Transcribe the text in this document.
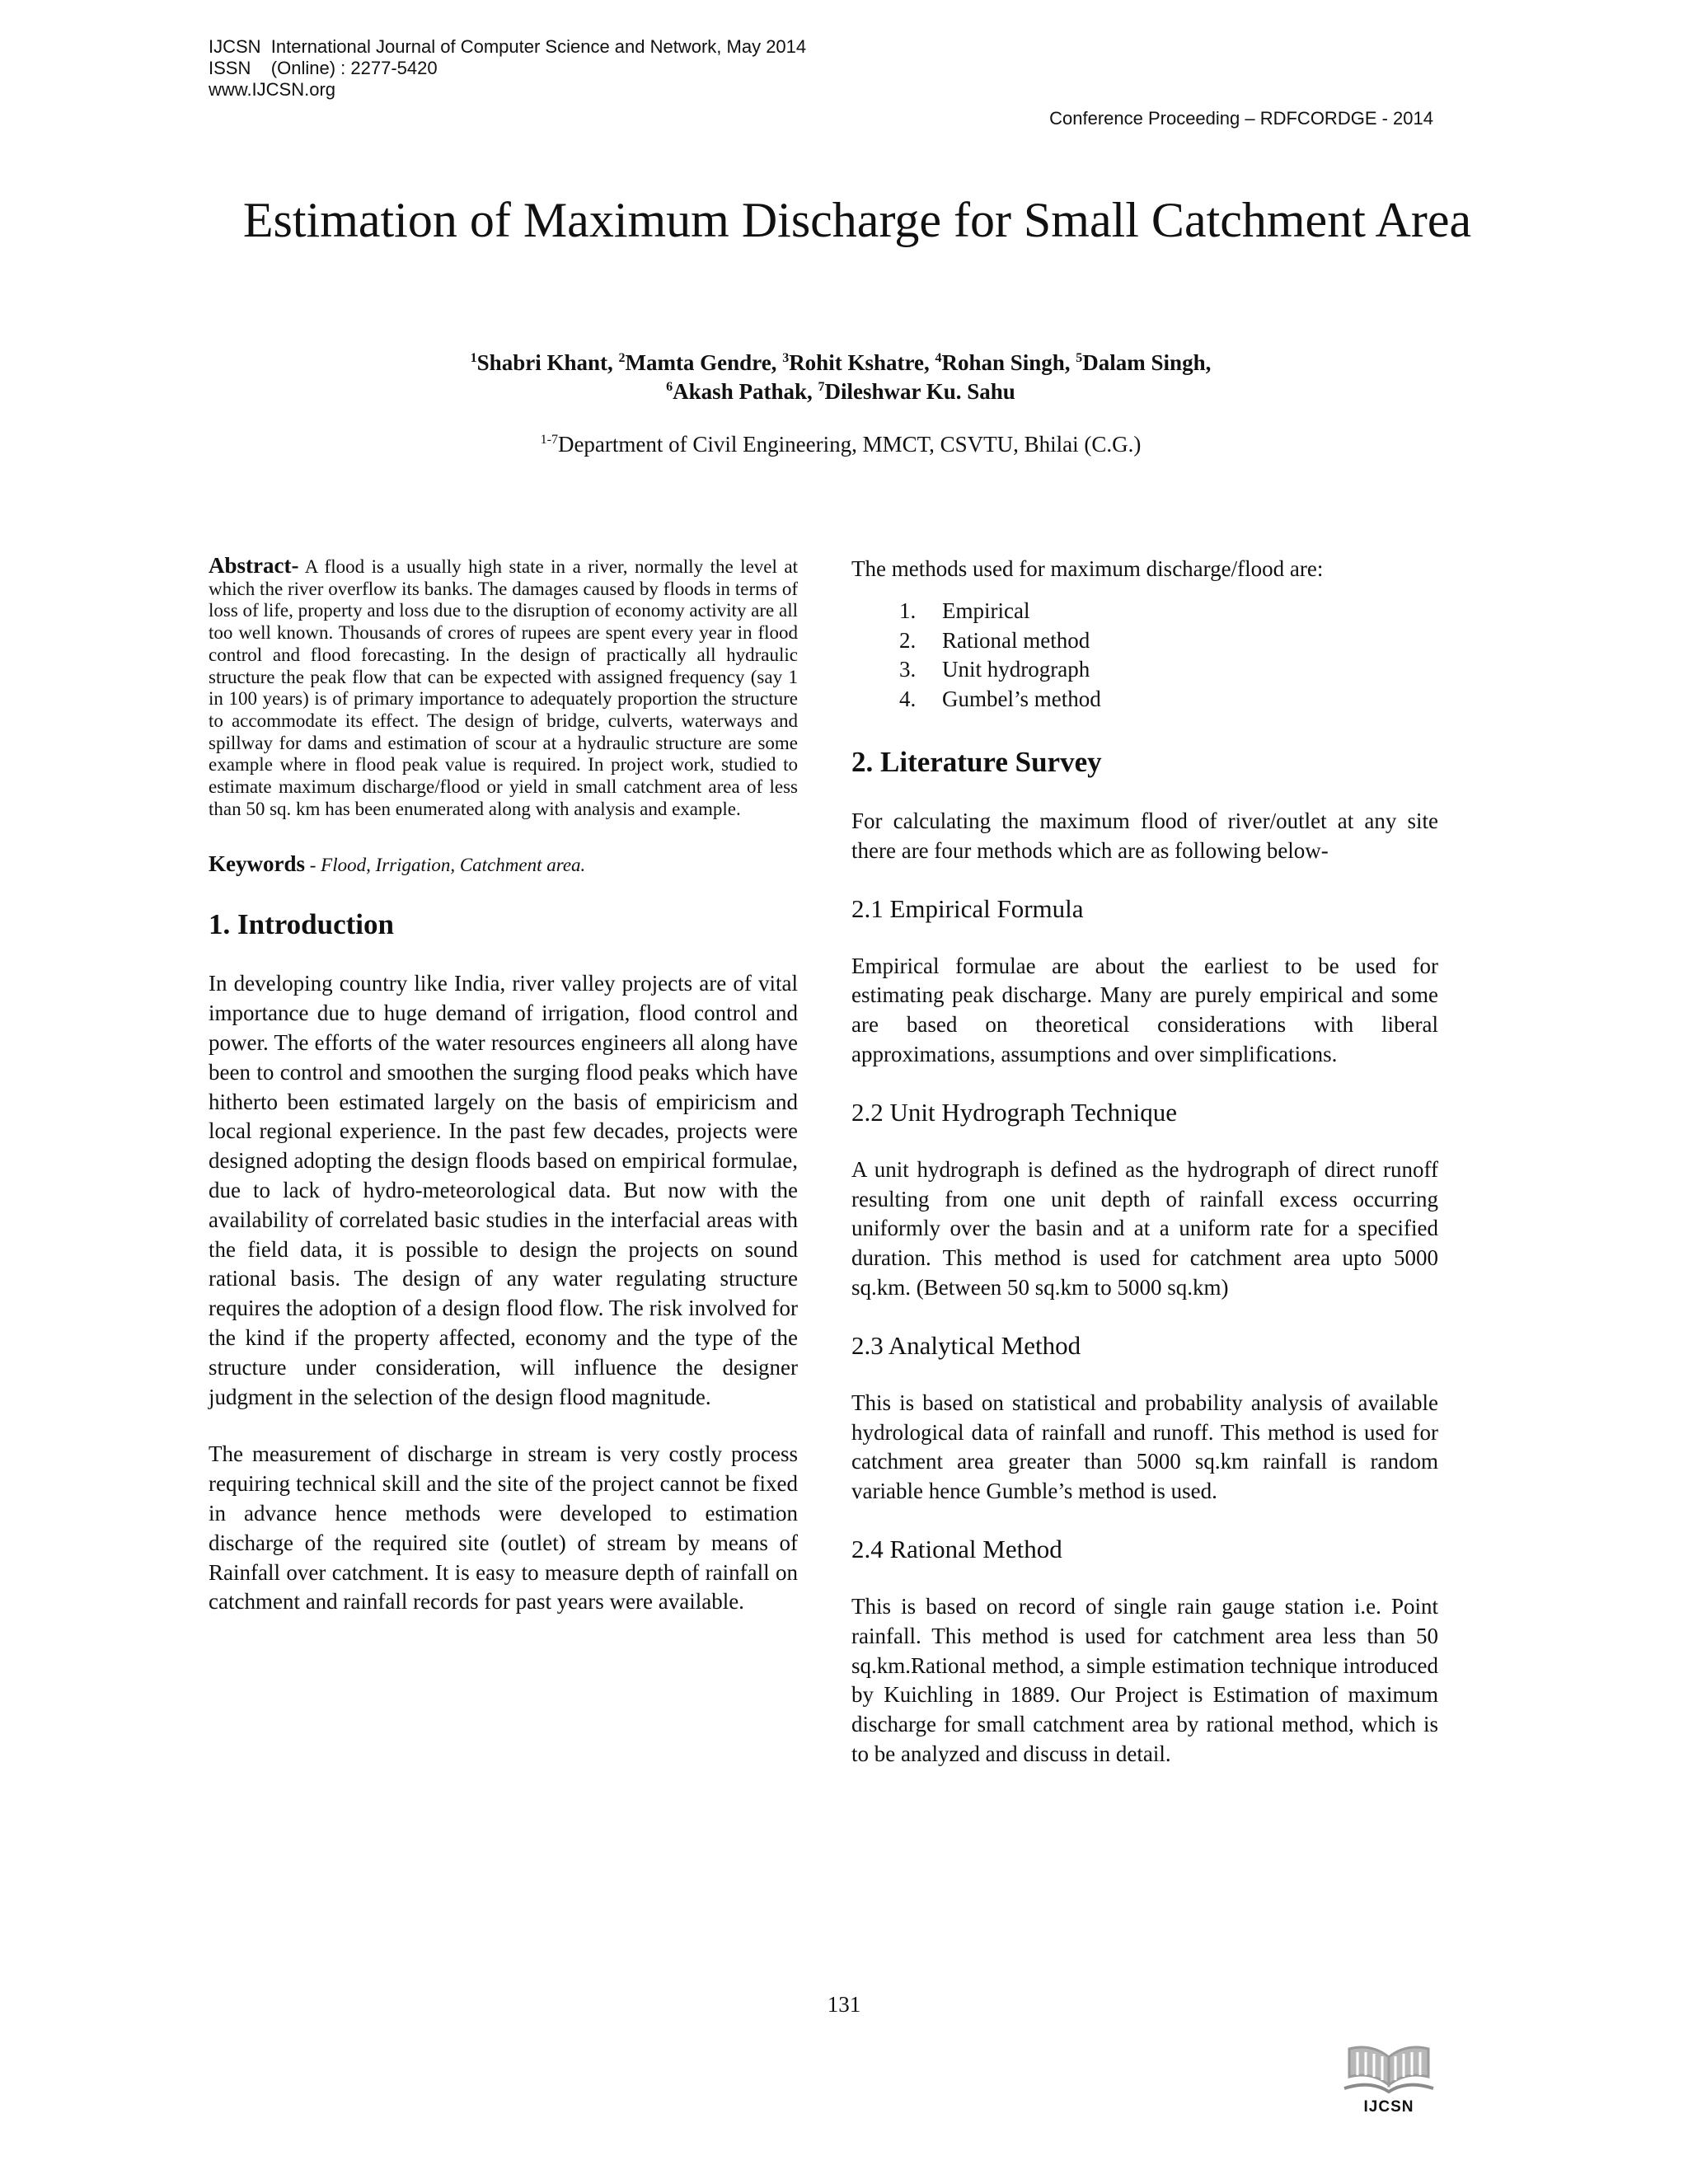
IJCSN  International Journal of Computer Science and Network, May 2014
ISSN    (Online) : 2277-5420
www.IJCSN.org
Conference Proceeding – RDFCORDGE - 2014
Estimation of Maximum Discharge for Small Catchment Area
$^1$Shabri Khant, $^2$Mamta Gendre, $^3$Rohit Kshatre, $^4$Rohan Singh, $^5$Dalam Singh,
$^6$Akash Pathak, $^7$Dileshwar Ku. Sahu
$^{1-7}$Department of Civil Engineering, MMCT, CSVTU, Bhilai (C.G.)

Abstract- A flood is a usually high state in a river, normally the level at which the river overflow its banks. The damages caused by floods in terms of loss of life, property and loss due to the disruption of economy activity are all too well known. Thousands of crores of rupees are spent every year in flood control and flood forecasting. In the design of practically all hydraulic structure the peak flow that can be expected with assigned frequency (say 1 in 100 years) is of primary importance to adequately proportion the structure to accommodate its effect. The design of bridge, culverts, waterways and spillway for dams and estimation of scour at a hydraulic structure are some example where in flood peak value is required. In project work, studied to estimate maximum discharge/flood or yield in small catchment area of less than 50 sq. km has been enumerated along with analysis and example.

Keywords - Flood, Irrigation, Catchment area.

1. Introduction

In developing country like India, river valley projects are of vital importance due to huge demand of irrigation, flood control and power. The efforts of the water resources engineers all along have been to control and smoothen the surging flood peaks which have hitherto been estimated largely on the basis of empiricism and local regional experience. In the past few decades, projects were designed adopting the design floods based on empirical formulae, due to lack of hydro-meteorological data. But now with the availability of correlated basic studies in the interfacial areas with the field data, it is possible to design the projects on sound rational basis. The design of any water regulating structure requires the adoption of a design flood flow. The risk involved for the kind if the property affected, economy and the type of the structure under consideration, will influence the designer judgment in the selection of the design flood magnitude.

The measurement of discharge in stream is very costly process requiring technical skill and the site of the project cannot be fixed in advance hence methods were developed to estimation discharge of the required site (outlet) of stream by means of Rainfall over catchment. It is easy to measure depth of rainfall on catchment and rainfall records for past years were available.

The methods used for maximum discharge/flood are:

1. Empirical
2. Rational method
3. Unit hydrograph
4. Gumbel’s method
2. Literature Survey

For calculating the maximum flood of river/outlet at any site there are four methods which are as following below-

2.1 Empirical Formula

Empirical formulae are about the earliest to be used for estimating peak discharge. Many are purely empirical and some are based on theoretical considerations with liberal approximations, assumptions and over simplifications.

2.2 Unit Hydrograph Technique

A unit hydrograph is defined as the hydrograph of direct runoff resulting from one unit depth of rainfall excess occurring uniformly over the basin and at a uniform rate for a specified duration. This method is used for catchment area upto 5000 sq.km. (Between 50 sq.km to 5000 sq.km)

2.3 Analytical Method

This is based on statistical and probability analysis of available hydrological data of rainfall and runoff. This method is used for catchment area greater than 5000 sq.km rainfall is random variable hence Gumble’s method is used.

2.4 Rational Method

This is based on record of single rain gauge station i.e. Point rainfall. This method is used for catchment area less than 50 sq.km.Rational method, a simple estimation technique introduced by Kuichling in 1889. Our Project is Estimation of maximum discharge for small catchment area by rational method, which is to be analyzed and discuss in detail.

131
IJCSN
